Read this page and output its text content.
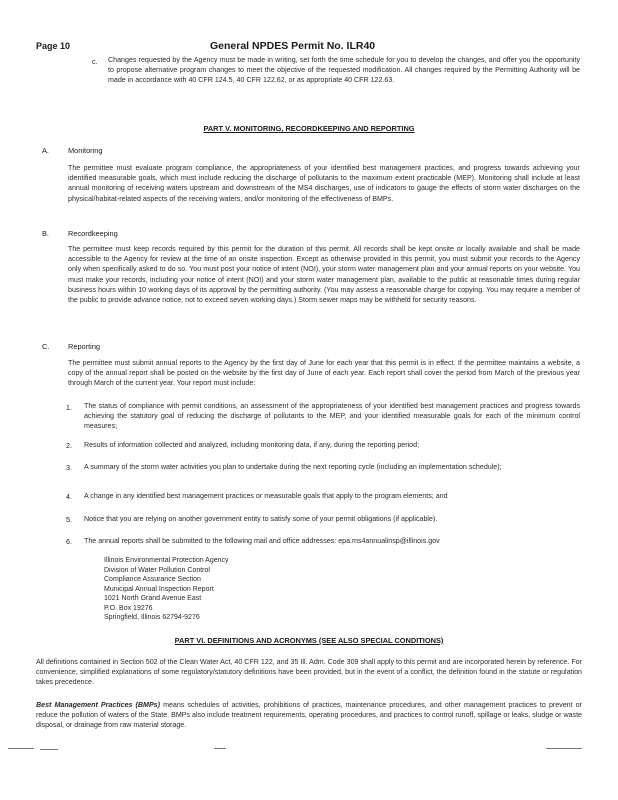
Page 10	General NPDES Permit No. ILR40
c. Changes requested by the Agency must be made in writing, set forth the time schedule for you to develop the changes, and offer you the opportunity to propose alternative program changes to meet the objective of the requested modification. All changes required by the Permitting Authority will be made in accordance with 40 CFR 124.5, 40 CFR 122.62, or as appropriate 40 CFR 122.63.
PART V. MONITORING, RECORDKEEPING AND REPORTING
A.	Monitoring
The permittee must evaluate program compliance, the appropriateness of your identified best management practices, and progress towards achieving your identified measurable goals, which must include reducing the discharge of pollutants to the maximum extent practicable (MEP). Monitoring shall include at least annual monitoring of receiving waters upstream and downstream of the MS4 discharges, use of indicators to gauge the effects of storm water discharges on the physical/habitat-related aspects of the receiving waters, and/or monitoring of the effectiveness of BMPs.
B.	Recordkeeping
The permittee must keep records required by this permit for the duration of this permit. All records shall be kept onsite or locally available and shall be made accessible to the Agency for review at the time of an onsite inspection. Except as otherwise provided in this permit, you must submit your records to the Agency only when specifically asked to do so. You must post your notice of intent (NOI), your storm water management plan and your annual reports on your website. You must make your records, including your notice of intent (NOI) and your storm water management plan, available to the public at reasonable times during regular business hours within 10 working days of its approval by the permitting authority. (You may assess a reasonable charge for copying. You may require a member of the public to provide advance notice, not to exceed seven working days.) Storm sewer maps may be withheld for security reasons.
C.	Reporting
The permittee must submit annual reports to the Agency by the first day of June for each year that this permit is in effect. If the permittee maintains a website, a copy of the annual report shall be posted on the website by the first day of June of each year. Each report shall cover the period from March of the previous year through March of the current year. Your report must include:
1. The status of compliance with permit conditions, an assessment of the appropriateness of your identified best management practices and progress towards achieving the statutory goal of reducing the discharge of pollutants to the MEP, and your identified measurable goals for each of the minimum control measures;
2. Results of information collected and analyzed, including monitoring data, if any, during the reporting period;
3. A summary of the storm water activities you plan to undertake during the next reporting cycle (including an implementation schedule);
4. A change in any identified best management practices or measurable goals that apply to the program elements; and
5. Notice that you are relying on another government entity to satisfy some of your permit obligations (if applicable).
6. The annual reports shall be submitted to the following mail and office addresses: epa.ms4annualinsp@illinois.gov
Illinois Environmental Protection Agency
Division of Water Pollution Control
Compliance Assurance Section
Municipal Annual Inspection Report
1021 North Grand Avenue East
P.O. Box 19276
Springfield, Illinois 62794-9276
PART VI. DEFINITIONS AND ACRONYMS (SEE ALSO SPECIAL CONDITIONS)
All definitions contained in Section 502 of the Clean Water Act, 40 CFR 122, and 35 Ill. Adm. Code 309 shall apply to this permit and are incorporated herein by reference. For convenience, simplified explanations of some regulatory/statutory definitions have been provided, but in the event of a conflict, the definition found in the statute or regulation takes precedence.
Best Management Practices (BMPs) means schedules of activities, prohibitions of practices, maintenance procedures, and other management practices to prevent or reduce the pollution of waters of the State. BMPs also include treatment requirements, operating procedures, and practices to control runoff, spillage or leaks, sludge or waste disposal, or drainage from raw material storage.
